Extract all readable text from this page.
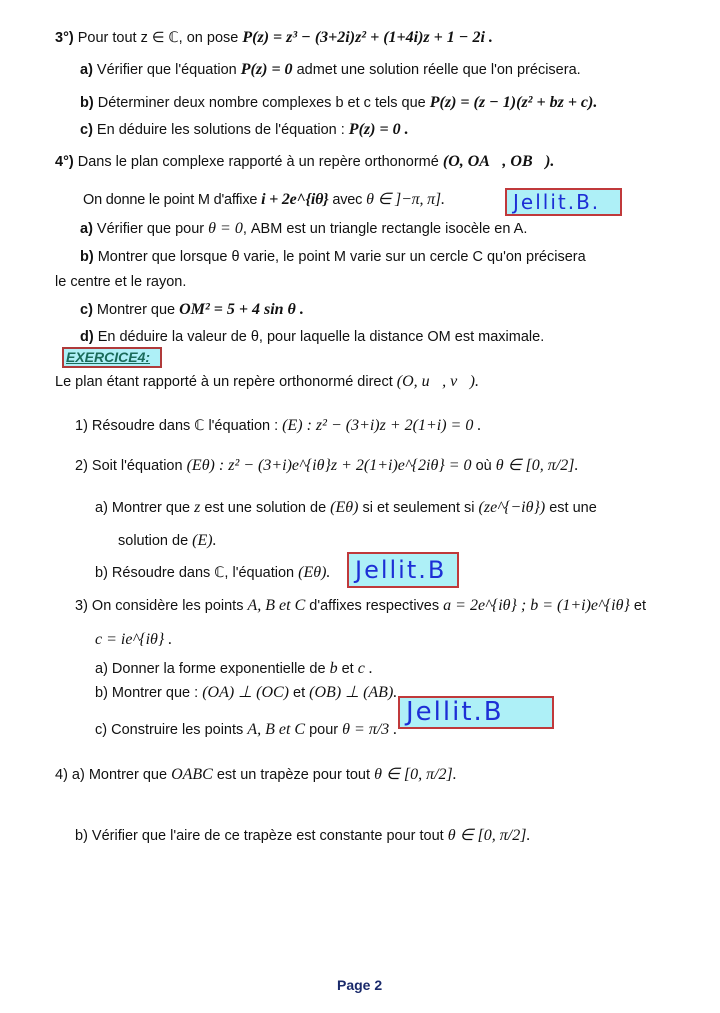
3°) Pour tout z ∈ ℂ, on pose P(z) = z³ − (3+2i)z² + (1+4i)z + 1 − 2i .
a) Vérifier que l'équation P(z) = 0 admet une solution réelle que l'on précisera.
b) Déterminer deux nombre complexes b et c tels que P(z) = (z − 1)(z² + bz + c).
c) En déduire les solutions de l'équation : P(z) = 0 .
4°) Dans le plan complexe rapporté à un repère orthonormé (O, OA⃗, OB⃗).
On donne le point M d'affixe i + 2e^{iθ} avec θ ∈ ]−π, π].	Jellit.B.
a) Vérifier que pour θ = 0, ABM est un triangle rectangle isocèle en A.
b) Montrer que lorsque θ varie, le point M varie sur un cercle C qu'on précisera
le centre et le rayon.
c) Montrer que OM² = 5 + 4 sin θ .
d) En déduire la valeur de θ, pour laquelle la distance OM est maximale.
EXERCICE4:
Le plan étant rapporté à un repère orthonormé direct (O, u⃗, v⃗).
1) Résoudre dans ℂ l'équation : (E) : z² − (3+i)z + 2(1+i) = 0 .
2) Soit l'équation (Eθ) : z² − (3+i)e^{iθ}z + 2(1+i)e^{2iθ} = 0 où θ ∈ [0, π/2].
a) Montrer que z est une solution de (Eθ) si et seulement si (ze^{−iθ}) est une
solution de (E).
b) Résoudre dans ℂ, l'équation (Eθ).	Jellit.B
3) On considère les points A, B et C d'affixes respectives a = 2e^{iθ} ; b = (1+i)e^{iθ} et
c = ie^{iθ} .
a) Donner la forme exponentielle de b et c .
b) Montrer que : (OA) ⊥ (OC) et (OB) ⊥ (AB).
Jellit.B
c) Construire les points A, B et C pour θ = π/3 .
4) a) Montrer que OABC est un trapèze pour tout θ ∈ [0, π/2].
b) Vérifier que l'aire de ce trapèze est constante pour tout θ ∈ [0, π/2].
Page 2
